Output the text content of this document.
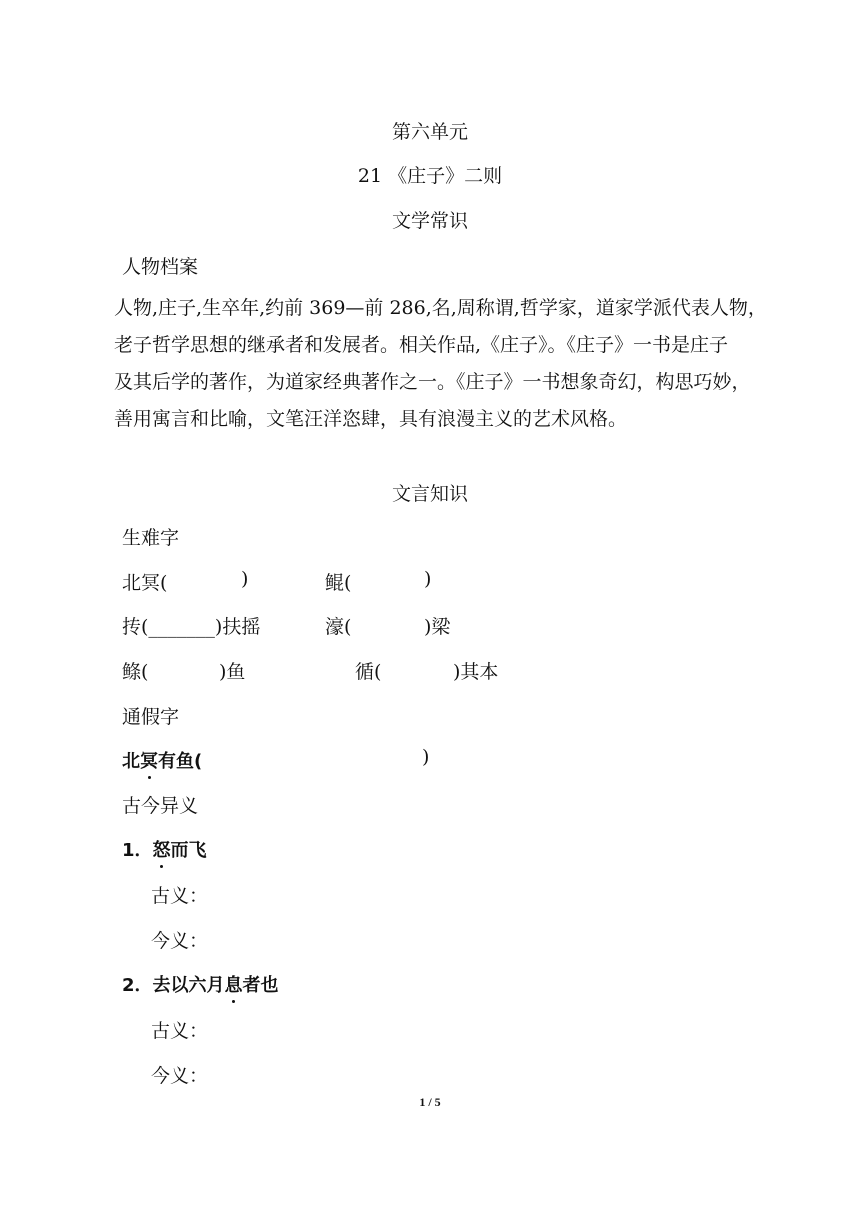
第六单元
21 《庄子》二则
文学常识
人物档案
人物,庄子,生卒年,约前 369—前 286,名,周称谓,哲学家，道家学派代表人物，
老子哲学思想的继承者和发展者。相关作品,《庄子》。《庄子》一书是庄子
及其后学的著作，为道家经典著作之一。《庄子》一书想象奇幻，构思巧妙，
善用寓言和比喻，文笔汪洋恣肆，具有浪漫主义的艺术风格。
文言知识
生难字
北冥(	)	鲲(	)
抟(_______)扶摇	濠(	)梁
鲦(	)鱼	循(	)其本
通假字
北冥有鱼(	)
古今异义
1．怒而飞
古义：
今义：
2．去以六月息者也
古义：
今义：
1 / 5
